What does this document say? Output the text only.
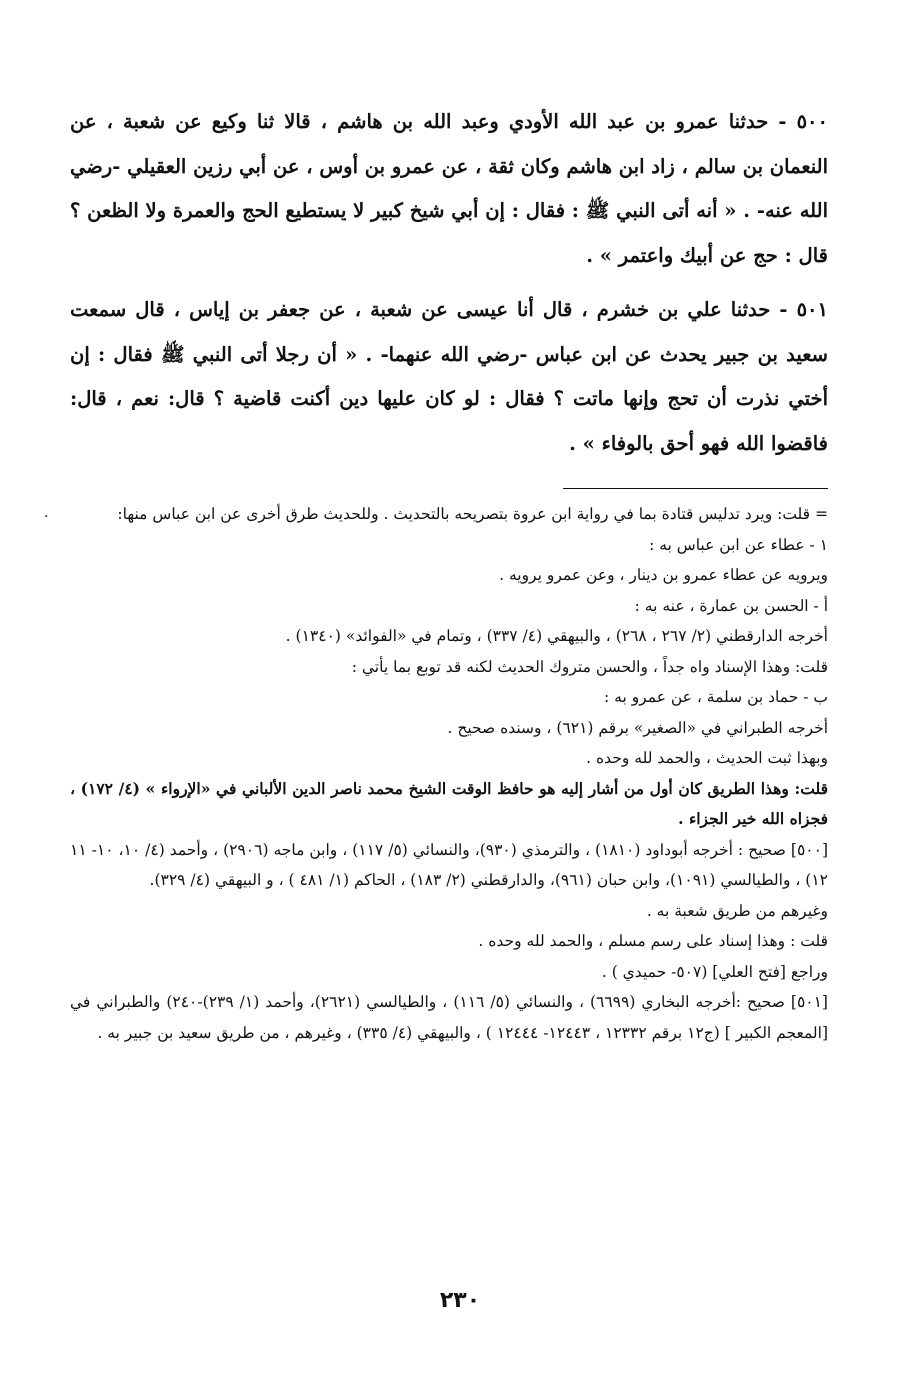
٥٠٠ - حدثنا عمرو بن عبد الله الأودي وعبد الله بن هاشم ، قالا ثنا وكيع عن شعبة ، عن النعمان بن سالم ، زاد ابن هاشم وكان ثقة ، عن عمرو بن أوس ، عن أبي رزين العقيلي -رضي الله عنه- . « أنه أتى النبي ﷺ : فقال : إن أبي شيخ كبير لا يستطيع الحج والعمرة ولا الظعن ؟ قال : حج عن أبيك واعتمر » .

٥٠١ - حدثنا علي بن خشرم ، قال أنا عيسى عن شعبة ، عن جعفر بن إياس ، قال سمعت سعيد بن جبير يحدث عن ابن عباس -رضي الله عنهما- . « أن رجلا أتى النبي ﷺ فقال : إن أختي نذرت أن تحج وإنها ماتت ؟ فقال : لو كان عليها دين أكنت قاضية ؟ قال: نعم ، قال: فاقضوا الله فهو أحق بالوفاء » .

= قلت: ويرد تدليس قتادة بما في رواية ابن عروة بتصريحه بالتحديث . وللحديث طرق أخرى عن ابن عباس منها:

١ - عطاء عن ابن عباس به :

ويرويه عن عطاء عمرو بن دينار ، وعن عمرو يرويه .

أ - الحسن بن عمارة ، عنه به :

أخرجه الدارقطني (٢/ ٢٦٧ ، ٢٦٨) ، والبيهقي (٤/ ٣٣٧) ، وتمام في «الفوائد» (١٣٤٠) .

قلت: وهذا الإسناد واه جداً ، والحسن متروك الحديث لكنه قد توبع بما يأتي :

ب - حماد بن سلمة ، عن عمرو به :

أخرجه الطبراني في «الصغير» برقم (٦٢١) ، وسنده صحيح .

وبهذا ثبت الحديث ، والحمد لله وحده .

قلت: وهذا الطريق كان أول من أشار إليه هو حافظ الوقت الشيخ محمد ناصر الدين الألباني في «الإرواء » (٤/ ١٧٢) ، فجزاه الله خير الجزاء .

[٥٠٠] صحيح : أخرجه أبوداود (١٨١٠) ، والترمذي (٩٣٠)، والنسائي (٥/ ١١٧) ، وابن ماجه (٢٩٠٦) ، وأحمد (٤/ ١٠، ١٠- ١١ ١٢) ، والطيالسي (١٠٩١)، وابن حبان (٩٦١)، والدارقطني (٢/ ١٨٣) ، الحاكم (١/ ٤٨١ ) ، و البيهقي (٤/ ٣٢٩).

وغيرهم من طريق شعبة به .

قلت : وهذا إسناد على رسم مسلم ، والحمد لله وحده .

وراجع [فتح العلي] (٥٠٧- حميدي ) .

[٥٠١] صحيح :أخرجه البخاري (٦٦٩٩) ، والنسائي (٥/ ١١٦) ، والطيالسي (٢٦٢١)، وأحمد (١/ ٢٣٩)-٢٤٠) والطبراني في [المعجم الكبير ] (ج١٢ برقم ١٢٣٣٢ ، ١٢٤٤٣- ١٢٤٤٤ ) ، والبيهقي (٤/ ٣٣٥) ، وغيرهم ، من طريق سعيد بن جبير به .

.
٢٣٠
